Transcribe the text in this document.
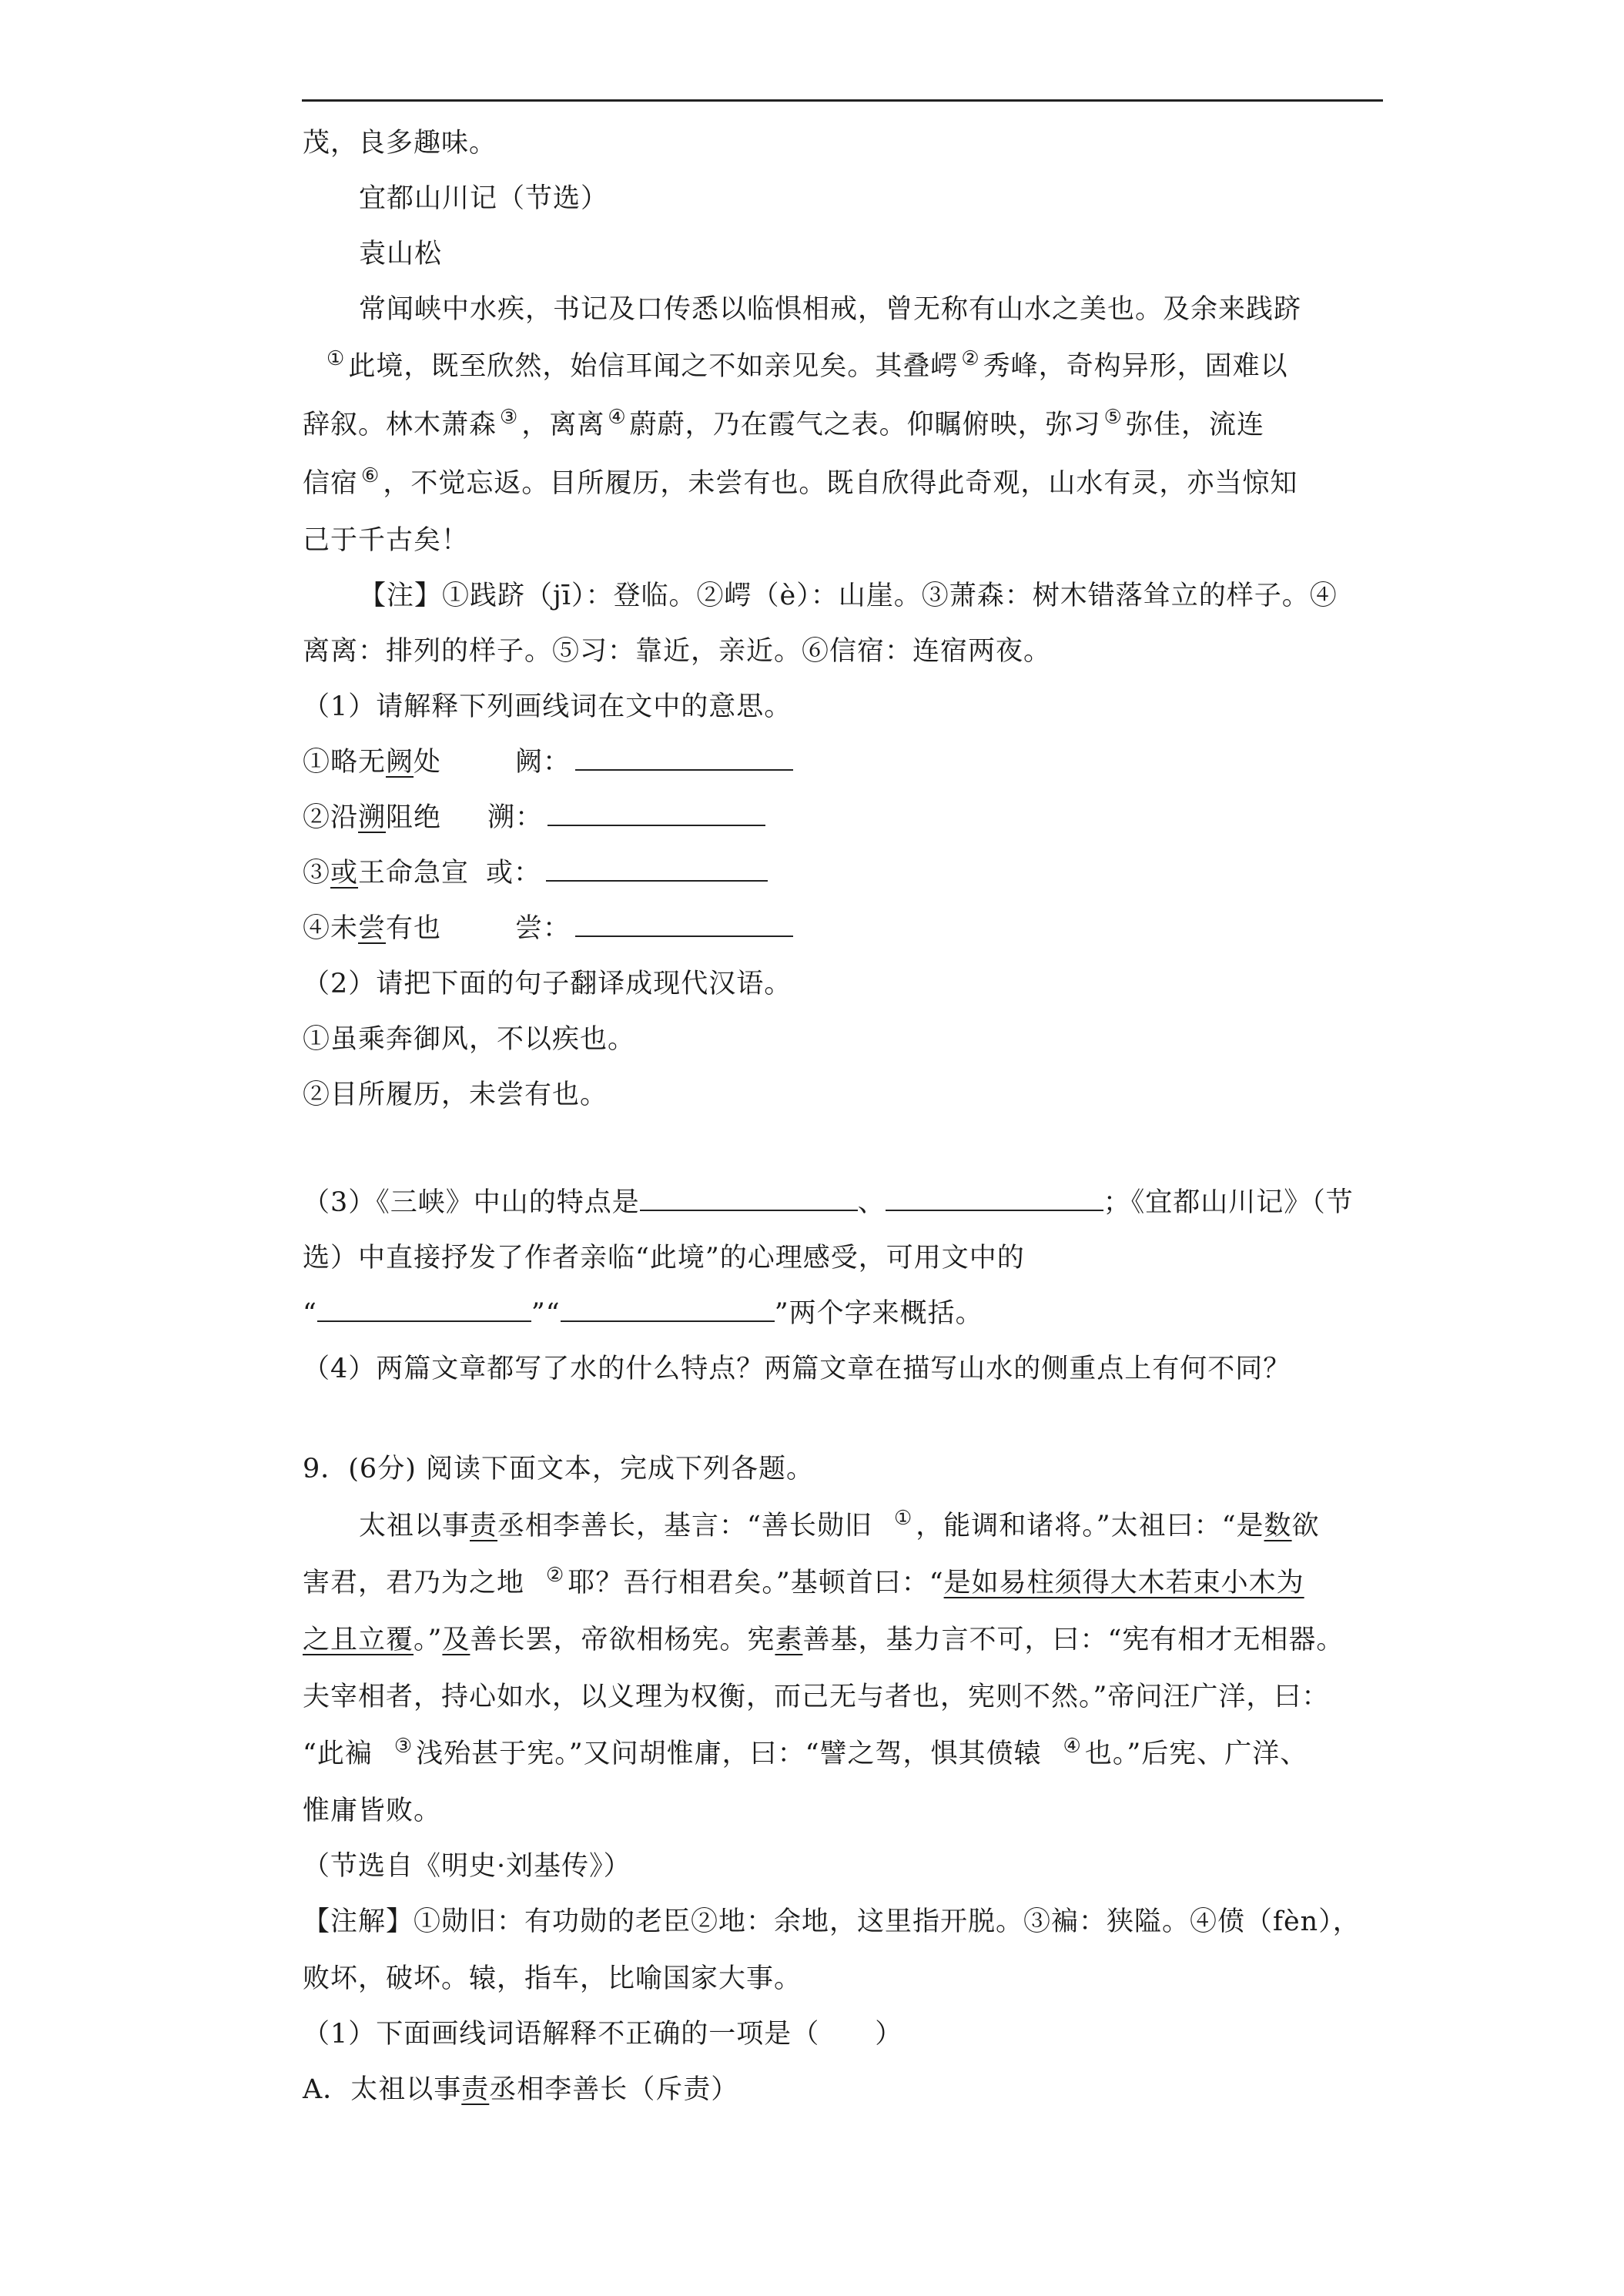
茂，良多趣味。
宜都山川记（节选）
袁山松
常闻峡中水疾，书记及口传悉以临惧相戒，曾无称有山水之美也。及余来践跻
① 此境，既至欣然，始信耳闻之不如亲见矣。其叠崿 ② 秀峰，奇构异形，固难以
辞叙。林木萧森 ③ ，离离 ④ 蔚蔚，乃在霞气之表。仰瞩俯映，弥习 ⑤ 弥佳，流连
信宿 ⑥ ，不觉忘返。目所履历，未尝有也。既自欣得此奇观，山水有灵，亦当惊知
己于千古矣！
【注】①践跻（jī）：登临。②崿（è）：山崖。③萧森：树木错落耸立的样子。④
离离：排列的样子。⑤习：靠近，亲近。⑥信宿：连宿两夜。
（1）请解释下列画线词在文中的意思。
①略无阙处	阙：
②沿溯阻绝 溯：
③或王命急宣 或：
④未尝有也	尝：
（2）请把下面的句子翻译成现代汉语。
①虽乘奔御风，不以疾也。
②目所履历，未尝有也。
（3）《三峡》中山的特点是	、	；《宜都山川记》（节
选）中直接抒发了作者亲临“此境”的心理感受，可用文中的
“	”“	”两个字来概括。
（4）两篇文章都写了水的什么特点？两篇文章在描写山水的侧重点上有何不同？
9．(6分) 阅读下面文本，完成下列各题。
太祖以事责丞相李善长，基言：“善长勋旧 ① ，能调和诸将。”太祖曰：“是数欲
害君，君乃为之地 ② 耶？吾行相君矣。”基顿首曰：“是如易柱须得大木若束小木为
之且立覆。”及善长罢，帝欲相杨宪。宪素善基，基力言不可，曰：“宪有相才无相器。
夫宰相者，持心如水，以义理为权衡，而己无与者也，宪则不然。”帝问汪广洋，曰：
“此褊 ③ 浅殆甚于宪。”又问胡惟庸，曰：“譬之驾，惧其偾辕 ④ 也。”后宪、广洋、
惟庸皆败。
（节选自《明史·刘基传》）
【注解】①勋旧：有功勋的老臣②地：余地，这里指开脱。③褊：狭隘。④偾（fèn），
败坏，破坏。辕，指车，比喻国家大事。
（1）下面画线词语解释不正确的一项是（　　）
A．太祖以事责丞相李善长（斥责）
